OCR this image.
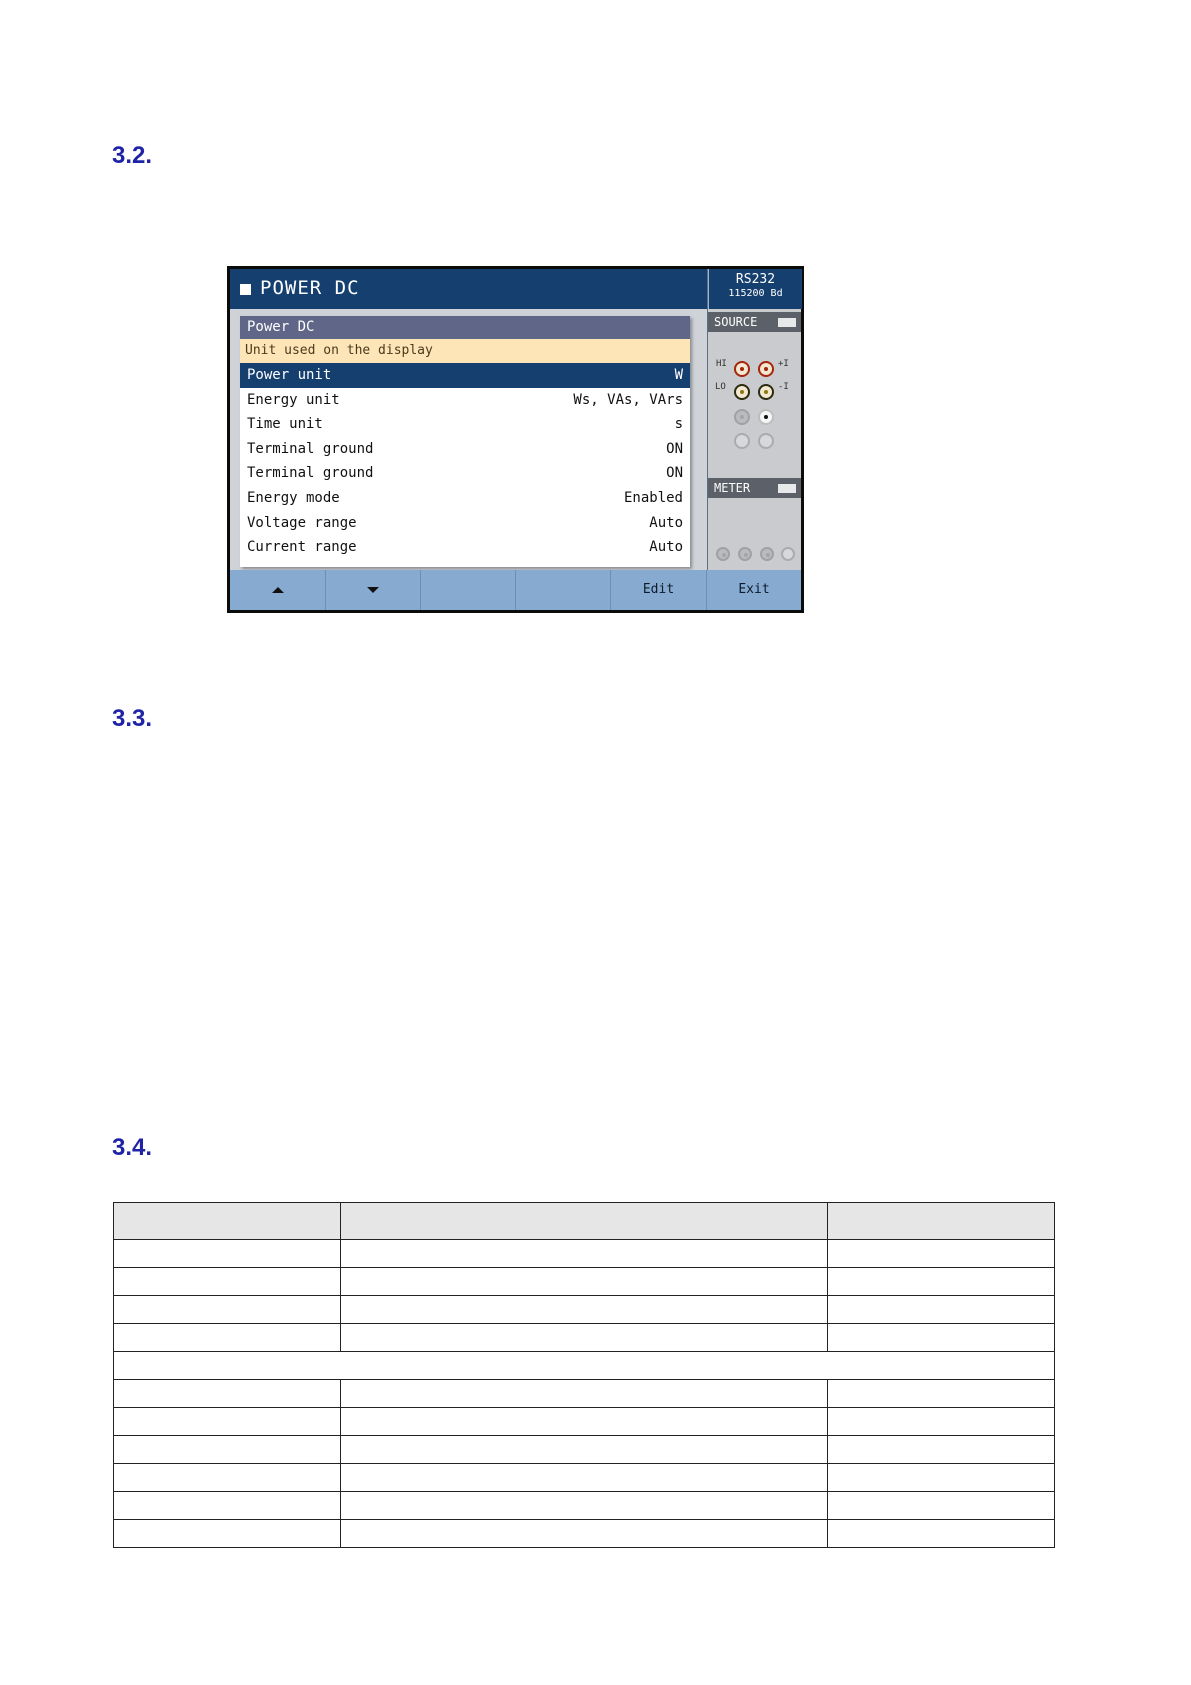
3.2.
3.3.
3.4.
POWER DC	RS232
115200 Bd
Power DC
Unit used on the display
Power unit	W
Energy unit	Ws, VAs, VArs
Time unit	s
Terminal ground	ON
Terminal ground	ON
Energy mode	Enabled
Voltage range	Auto
Current range	Auto
SOURCE
HI	+I
LO	-I
METER
Edit	Exit
